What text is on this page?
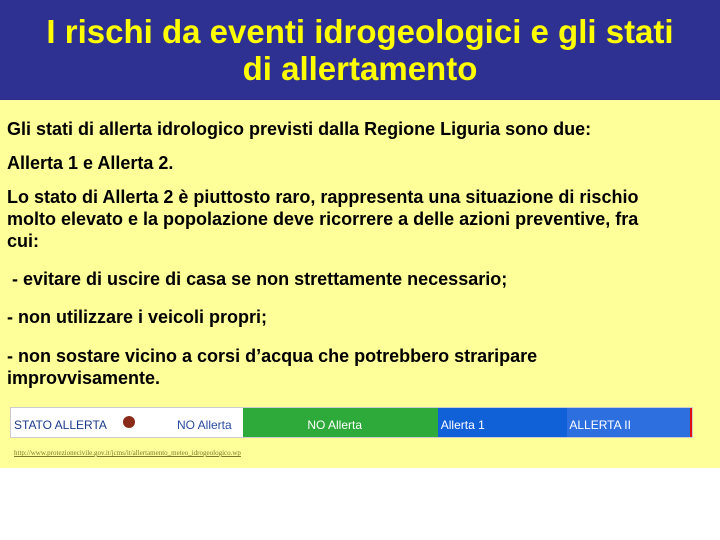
I rischi da eventi idrogeologici e gli stati
di allertamento

Gli stati di allerta idrologico previsti dalla Regione Liguria sono due:

Allerta 1 e Allerta 2.

Lo stato di Allerta 2 è piuttosto raro, rappresenta una situazione di rischio molto elevato e la popolazione deve ricorrere a delle azioni preventive, fra cui:

- evitare di uscire di casa se non strettamente necessario;

- non utilizzare i veicoli propri;

- non sostare vicino a corsi d’acqua che potrebbero straripare improvvisamente.

STATO ALLERTA	NO Allerta	NO Allerta	Allerta 1	ALLERTA II
http://www.protezionecivile.gov.it/jcms/it/allertamento_meteo_idrogeologico.wp
